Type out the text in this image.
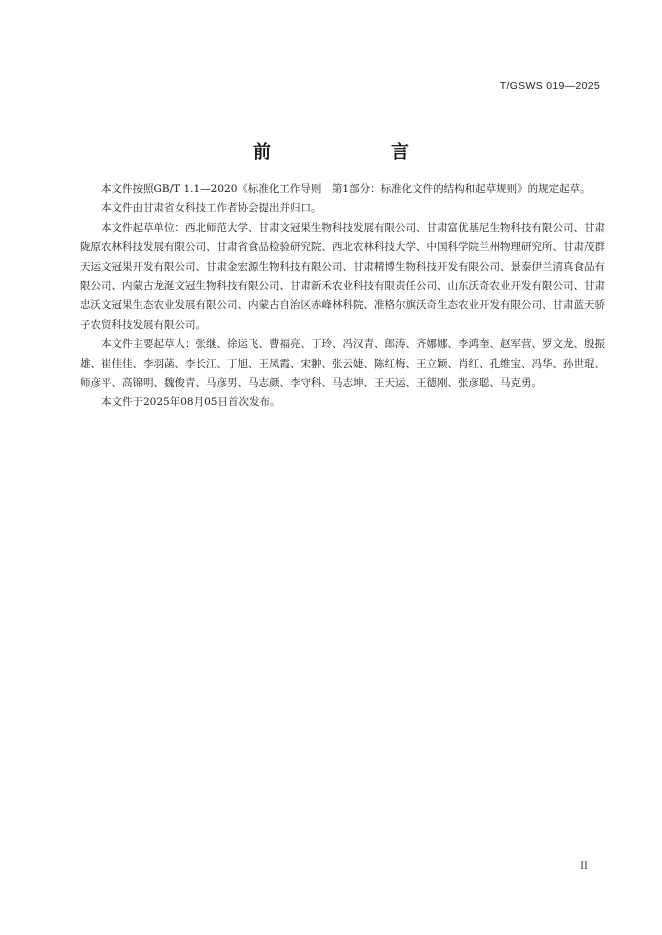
T/GSWS 019—2025
前　　言

本文件按照GB/T 1.1—2020《标准化工作导则　第1部分：标准化文件的结构和起草规则》的规定起草。

本文件由甘肃省女科技工作者协会提出并归口。

本文件起草单位：西北师范大学、甘肃文冠果生物科技发展有限公司、甘肃富优基尼生物科技有限公司、甘肃陇原农林科技发展有限公司、甘肃省食品检验研究院、西北农林科技大学、中国科学院兰州物理研究所、甘肃茂群天运文冠果开发有限公司、甘肃金宏源生物科技有限公司、甘肃精博生物科技开发有限公司、景泰伊兰清真食品有限公司、内蒙古龙涎文冠生物科技有限公司、甘肃新禾农业科技有限责任公司、山东沃奇农业开发有限公司、甘肃忠沃文冠果生态农业发展有限公司、内蒙古自治区赤峰林科院、准格尔旗沃奇生态农业开发有限公司、甘肃蓝天骄子农贸科技发展有限公司。

本文件主要起草人：张继、徐运飞、曹福亮、丁玲、冯汉青、郎涛、齐娜娜、李鸿奎、赵军营、罗文龙、殷振雄、崔佳佳、李羽菡、李长江、丁旭、王凤霞、宋翀、张云婕、陈红梅、王立颖、肖红、孔维宝、冯华、孙世琨、师彦平、高锦明、魏俊青、马彦男、马志颜、李守科、马志坤、王天运、王德刚、张彦聪、马克勇。

本文件于2025年08月05日首次发布。

II
